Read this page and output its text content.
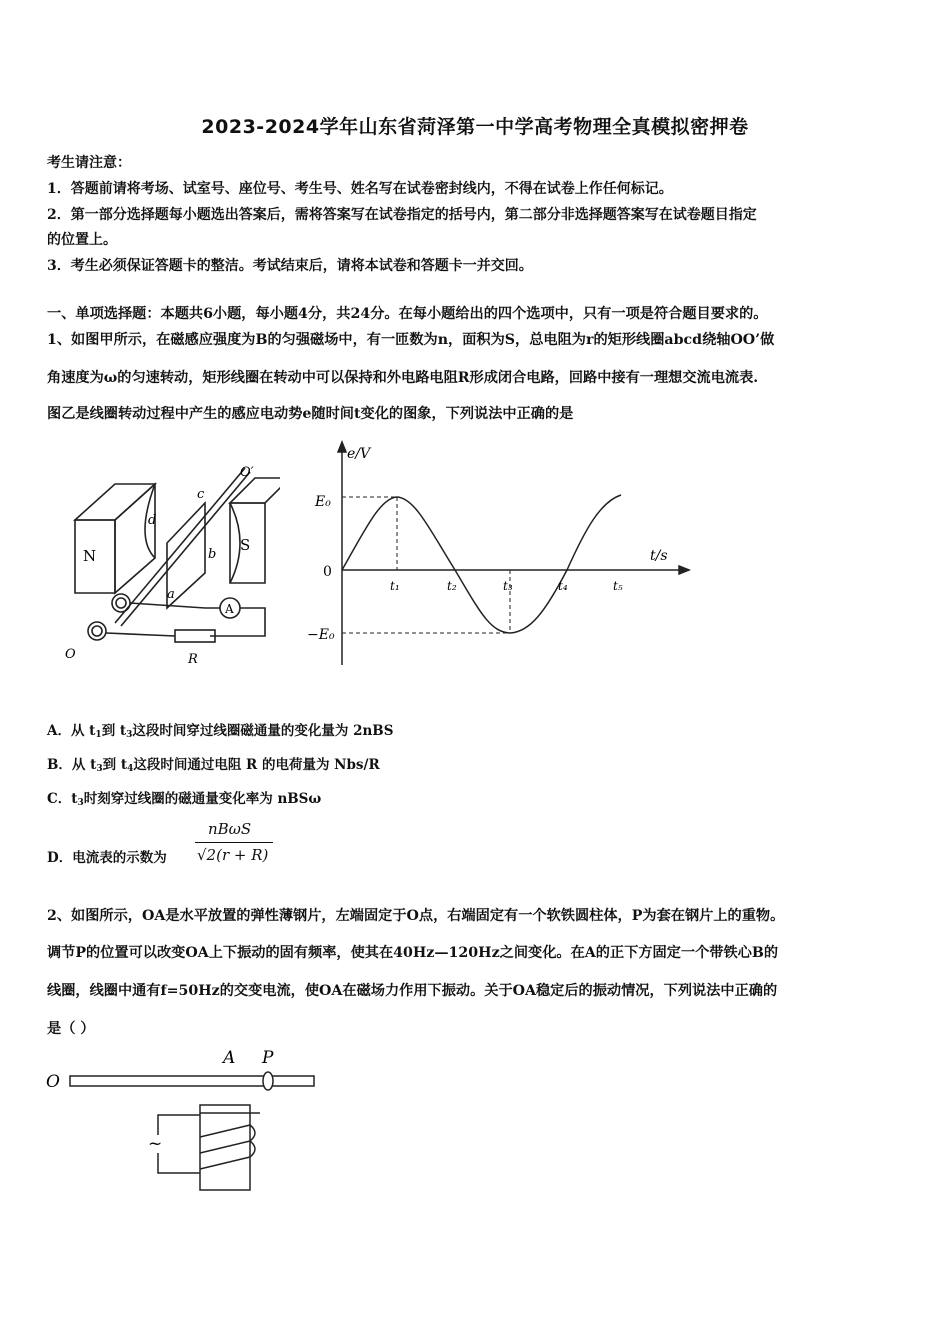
2023-2024学年山东省菏泽第一中学高考物理全真模拟密押卷
考生请注意：
1．答题前请将考场、试室号、座位号、考生号、姓名写在试卷密封线内，不得在试卷上作任何标记。
2．第一部分选择题每小题选出答案后，需将答案写在试卷指定的括号内，第二部分非选择题答案写在试卷题目指定
的位置上。
3．考生必须保证答题卡的整洁。考试结束后，请将本试卷和答题卡一并交回。
一、单项选择题：本题共6小题，每小题4分，共24分。在每小题给出的四个选项中，只有一项是符合题目要求的。
1、如图甲所示，在磁感应强度为B的匀强磁场中，有一匝数为n，面积为S，总电阻为r的矩形线圈abcd绕轴OO’做
角速度为ω的匀速转动，矩形线圈在转动中可以保持和外电路电阻R形成闭合电路，回路中接有一理想交流电流表.
图乙是线圈转动过程中产生的感应电动势e随时间t变化的图象，下列说法中正确的是
N
S
a
b
c
d
O′
O
A
R
e/V
t/s
0
E₀
−E₀
t₁	t₂	t₃	t₄	t₅
A．从 $t_1$到 $t_3$这段时间穿过线圈磁通量的变化量为 2nBS
B．从 $t_3$到 $t_4$这段时间通过电阻 R 的电荷量为 Nbs/R
C．$t_3$时刻穿过线圈的磁通量变化率为 nBSω
D．电流表的示数为
nBωS
√2(r + R)
2、如图所示，OA是水平放置的弹性薄钢片，左端固定于O点，右端固定有一个软铁圆柱体，P为套在钢片上的重物。
调节P的位置可以改变OA上下振动的固有频率，使其在40Hz—120Hz之间变化。在A的正下方固定一个带铁心B的
线圈，线圈中通有f=50Hz的交变电流，使OA在磁场力作用下振动。关于OA稳定后的振动情况，下列说法中正确的
是（ ）
O
A P
~
